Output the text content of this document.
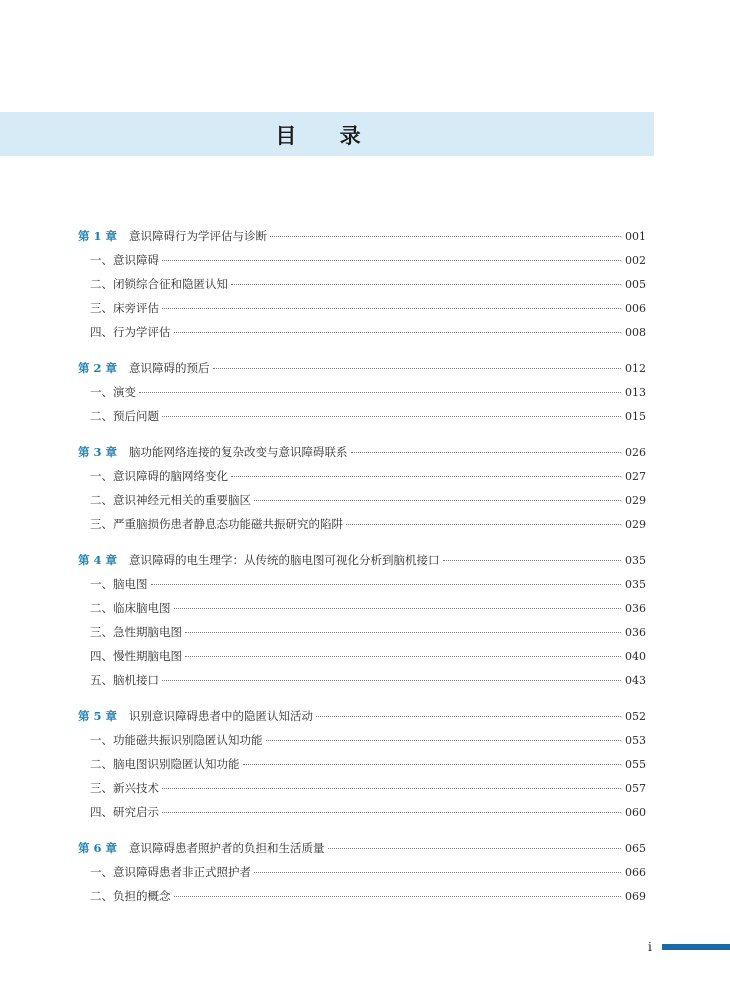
目 录
第 1 章 意识障碍行为学评估与诊断	001
一、意识障碍	002
二、闭锁综合征和隐匿认知	005
三、床旁评估	006
四、行为学评估	008
第 2 章 意识障碍的预后	012
一、演变	013
二、预后问题	015
第 3 章 脑功能网络连接的复杂改变与意识障碍联系	026
一、意识障碍的脑网络变化	027
二、意识神经元相关的重要脑区	029
三、严重脑损伤患者静息态功能磁共振研究的陷阱	029
第 4 章 意识障碍的电生理学：从传统的脑电图可视化分析到脑机接口	035
一、脑电图	035
二、临床脑电图	036
三、急性期脑电图	036
四、慢性期脑电图	040
五、脑机接口	043
第 5 章 识别意识障碍患者中的隐匿认知活动	052
一、功能磁共振识别隐匿认知功能	053
二、脑电图识别隐匿认知功能	055
三、新兴技术	057
四、研究启示	060
第 6 章 意识障碍患者照护者的负担和生活质量	065
一、意识障碍患者非正式照护者	066
二、负担的概念	069
i
